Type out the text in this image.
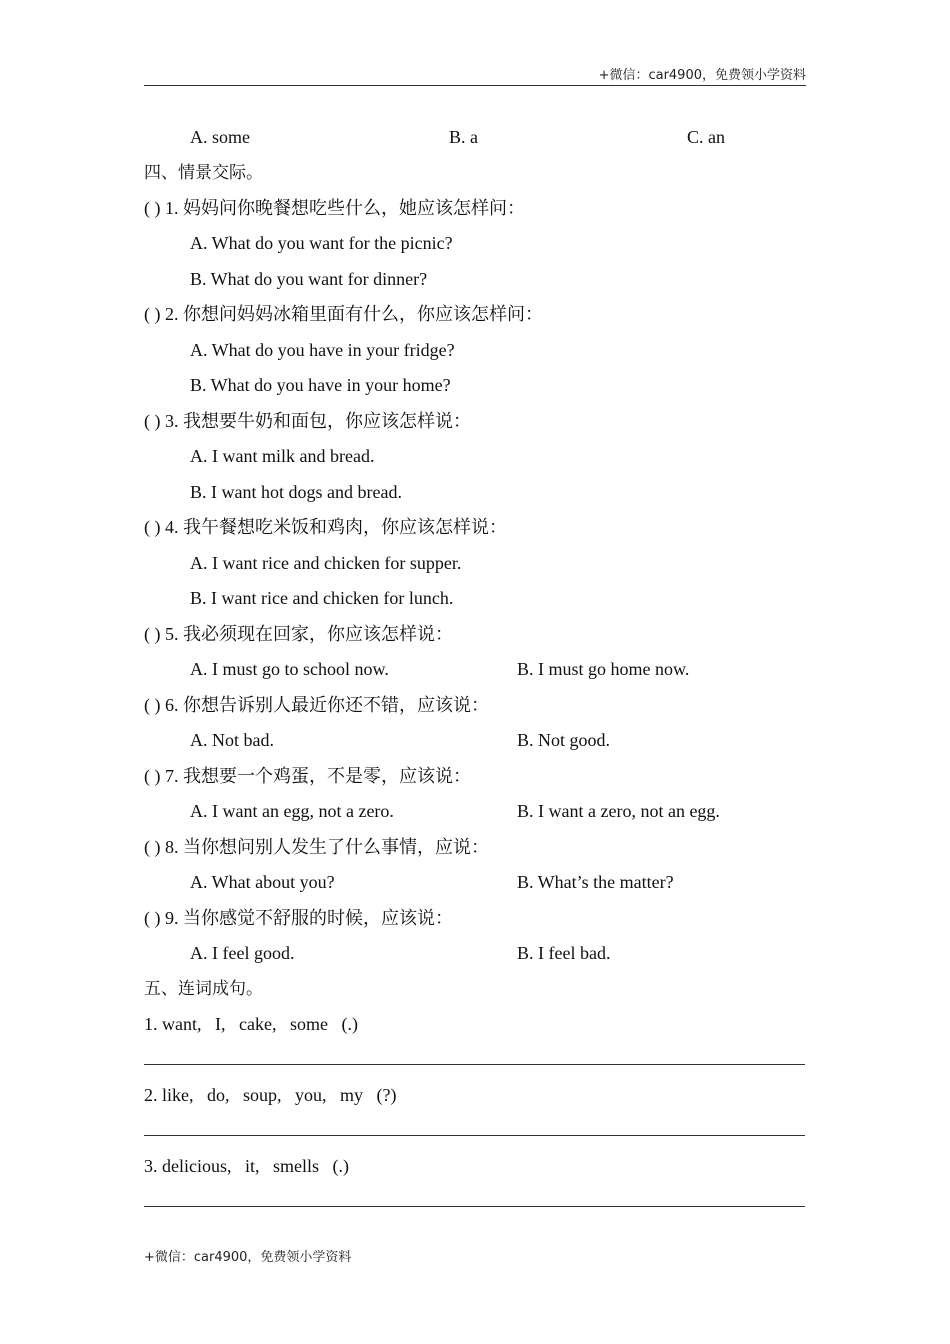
+微信：car4900，免费领小学资料
A. some	B. a	C. an
四、情景交际。
( ) 1. 妈妈问你晚餐想吃些什么，她应该怎样问：
A. What do you want for the picnic?
B. What do you want for dinner?
( ) 2. 你想问妈妈冰箱里面有什么，你应该怎样问：
A. What do you have in your fridge?
B. What do you have in your home?
( ) 3. 我想要牛奶和面包，你应该怎样说：
A. I want milk and bread.
B. I want hot dogs and bread.
( ) 4. 我午餐想吃米饭和鸡肉，你应该怎样说：
A. I want rice and chicken for supper.
B. I want rice and chicken for lunch.
( ) 5. 我必须现在回家，你应该怎样说：
A. I must go to school now.	B. I must go home now.
( ) 6. 你想告诉别人最近你还不错，应该说：
A. Not bad.	B. Not good.
( ) 7. 我想要一个鸡蛋，不是零，应该说：
A. I want an egg, not a zero.	B. I want a zero, not an egg.
( ) 8. 当你想问别人发生了什么事情，应说：
A. What about you?	B. What’s the matter?
( ) 9. 当你感觉不舒服的时候，应该说：
A. I feel good.	B. I feel bad.
五、连词成句。
1. want,   I,   cake,   some   (.)
2. like,   do,   soup,   you,   my   (?)
3. delicious,   it,   smells   (.)
+微信：car4900，免费领小学资料
